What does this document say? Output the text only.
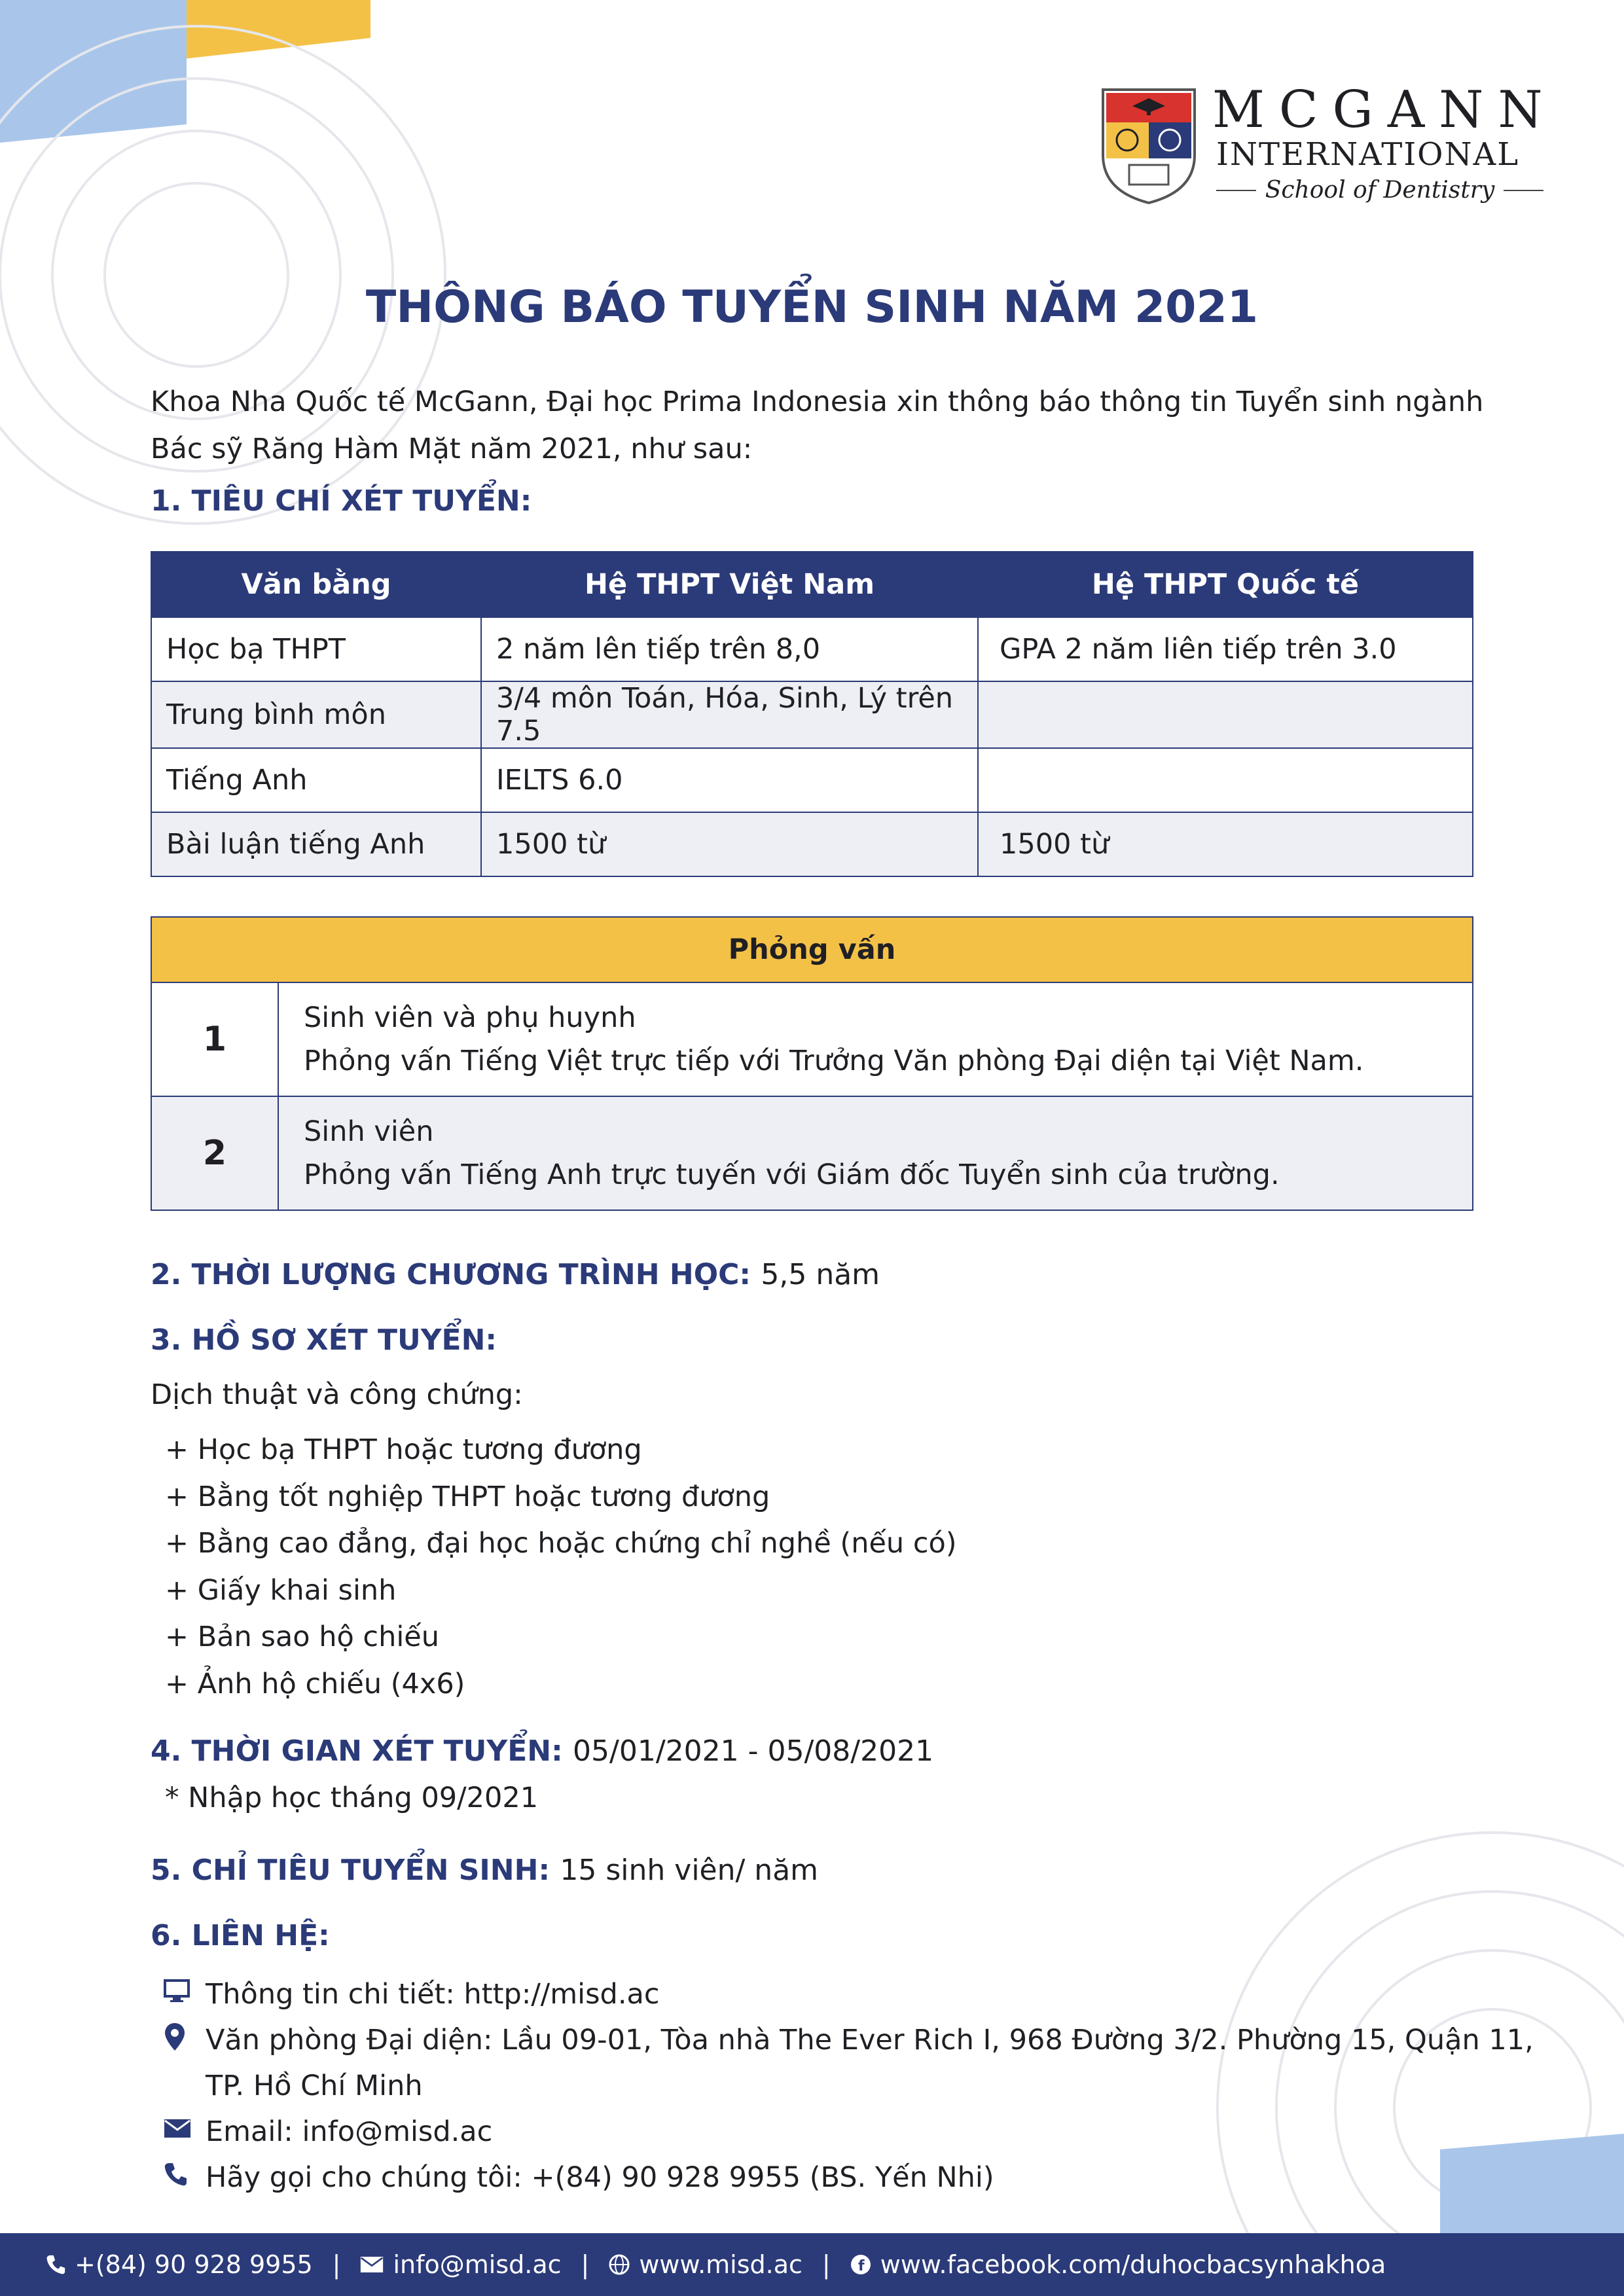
MCGANN
INTERNATIONAL
School of Dentistry
THÔNG BÁO TUYỂN SINH NĂM 2021
Khoa Nha Quốc tế McGann, Đại học Prima Indonesia xin thông báo thông tin Tuyển sinh ngành Bác sỹ Răng Hàm Mặt năm 2021, như sau:
1. TIÊU CHÍ XÉT TUYỂN:
Văn bằng	Hệ THPT Việt Nam	Hệ THPT Quốc tế
Học bạ THPT	2 năm lên tiếp trên 8,0	GPA 2 năm liên tiếp trên 3.0
Trung bình môn	3/4 môn Toán, Hóa, Sinh, Lý trên 7.5	
Tiếng Anh	IELTS 6.0	
Bài luận tiếng Anh	1500 từ	1500 từ
Phỏng vấn	
1	Sinh viên và phụ huynh
Phỏng vấn Tiếng Việt trực tiếp với Trưởng Văn phòng Đại diện tại Việt Nam.

2	Sinh viên
Phỏng vấn Tiếng Anh trực tuyến với Giám đốc Tuyển sinh của trường.
2. THỜI LƯỢNG CHƯƠNG TRÌNH HỌC: 5,5 năm
3. HỒ SƠ XÉT TUYỂN:
Dịch thuật và công chứng:
+ Học bạ THPT hoặc tương đương
+ Bằng tốt nghiệp THPT hoặc tương đương
+ Bằng cao đẳng, đại học hoặc chứng chỉ nghề (nếu có)
+ Giấy khai sinh
+ Bản sao hộ chiếu
+ Ảnh hộ chiếu (4x6)
4. THỜI GIAN XÉT TUYỂN: 05/01/2021 - 05/08/2021
* Nhập học tháng 09/2021
5. CHỈ TIÊU TUYỂN SINH: 15 sinh viên/ năm
6. LIÊN HỆ:
Thông tin chi tiết: http://misd.ac
Văn phòng Đại diện: Lầu 09-01, Tòa nhà The Ever Rich I, 968 Đường 3/2. Phường 15, Quận 11,
TP. Hồ Chí Minh
Email: info@misd.ac
Hãy gọi cho chúng tôi: +(84) 90 928 9955 (BS. Yến Nhi)
+(84) 90 928 9955 | info@misd.ac | www.misd.ac | f www.facebook.com/duhocbacsynhakhoa
